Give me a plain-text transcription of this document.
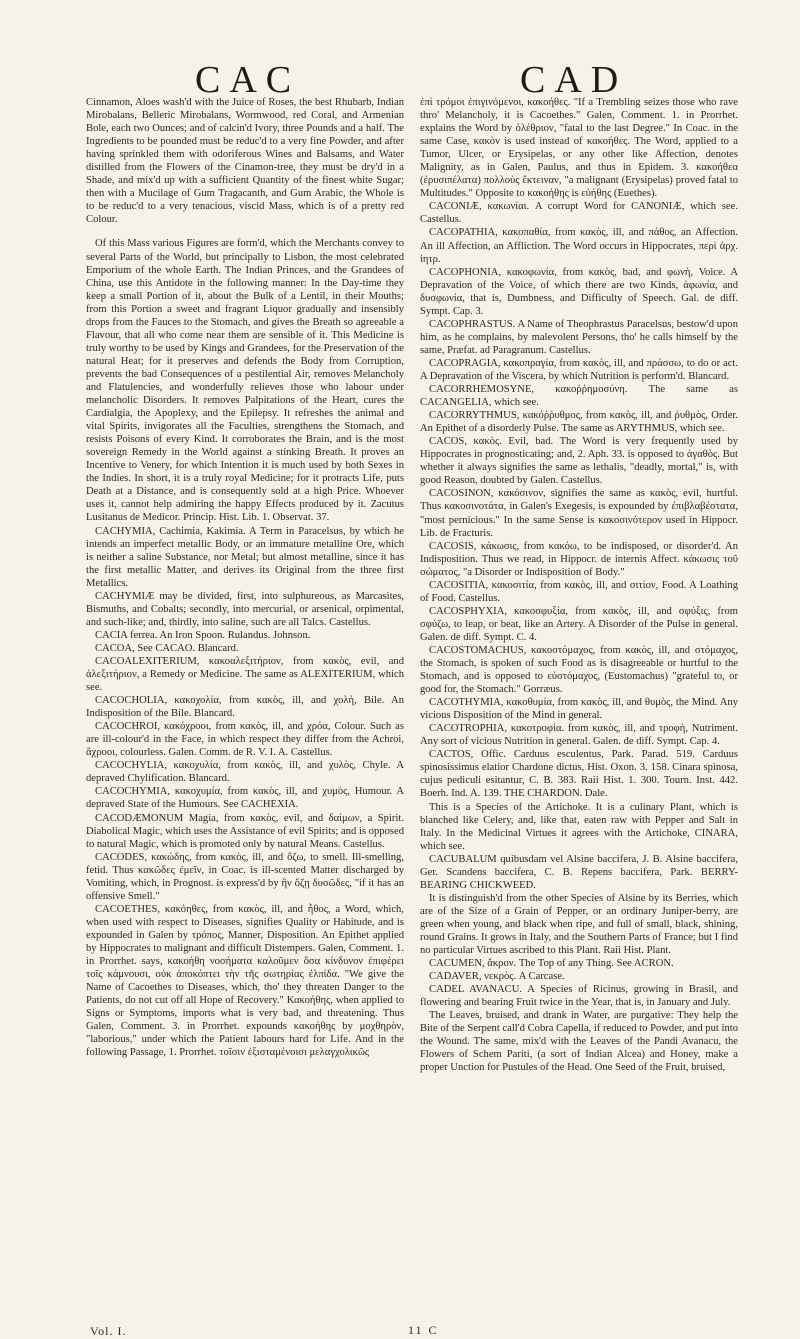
CAC	CAD

Cinnamon, Aloes wash'd with the Juice of Roses, the best Rhubarb, Indian Mirobalans, Belleric Mirobalans, Wormwood, red Coral, and Armenian Bole, each two Ounces; and of calcin'd Ivory, three Pounds and a half. The Ingredients to be pounded must be reduc'd to a very fine Powder, and after having sprinkled them with odoriferous Wines and Balsams, and Water distilled from the Flowers of the Cinamon-tree, they must be dry'd in a Shade, and mix'd up with a sufficient Quantity of the finest white Sugar; then with a Mucilage of Gum Tragacanth, and Gum Arabic, the Whole is to be reduc'd to a very tenacious, viscid Mass, which is of a pretty red Colour.

Of this Mass various Figures are form'd, which the Merchants convey to several Parts of the World, but principally to Lisbon, the most celebrated Emporium of the whole Earth. The Indian Princes, and the Grandees of China, use this Antidote in the following manner: In the Day-time they keep a small Portion of it, about the Bulk of a Lentil, in their Mouths; from this Portion a sweet and fragrant Liquor gradually and insensibly drops from the Fauces to the Stomach, and gives the Breath so agreeable a Flavour, that all who come near them are sensible of it. This Medicine is truly worthy to be used by Kings and Grandees, for the Preservation of the natural Heat; for it preserves and defends the Body from Corruption, prevents the bad Consequences of a pestilential Air, removes Melancholy and Flatulencies, and wonderfully relieves those who labour under melancholic Disorders. It removes Palpitations of the Heart, cures the Cardialgia, the Apoplexy, and the Epilepsy. It refreshes the animal and vital Spirits, invigorates all the Faculties, strengthens the Stomach, and resists Poisons of every Kind. It corroborates the Brain, and is the most sovereign Remedy in the World against a stinking Breath. It proves an Incentive to Venery, for which Intention it is much used by both Sexes in the Indies. In short, it is a truly royal Medicine; for it protracts Life, puts Death at a Distance, and is consequently sold at a high Price. Whoever uses it, cannot help admiring the happy Effects produced by it. Zacutus Lusitanus de Medicor. Princip. Hist. Lib. 1. Observat. 37.

CACHYMIA, Cachimia, Kakimia. A Term in Paracelsus, by which he intends an imperfect metallic Body, or an immature metalline Ore, which is neither a saline Substance, nor Metal; but almost metalline, since it has the first metallic Matter, and derives its Original from the three first Metallics.

CACHYMIÆ may be divided, first, into sulphureous, as Marcasites, Bismuths, and Cobalts; secondly, into mercurial, or arsenical, orpimental, and such-like; and, thirdly, into saline, such are all Talcs. Castellus.

CACIA ferrea. An Iron Spoon. Rulandus. Johnson.

CACOA, See CACAO. Blancard.

CACOALEXITERIUM, κακοαλεξιτήριον, from κακὸς, evil, and ἀλεξιτήριον, a Remedy or Medicine. The same as ALEXITERIUM, which see.

CACOCHOLIA, κακοχολία, from κακὸς, ill, and χολὴ, Bile. An Indisposition of the Bile. Blancard.

CACOCHROI, κακόχροοι, from κακὸς, ill, and χρόα, Colour. Such as are ill-colour'd in the Face, in which respect they differ from the Achroi, ἄχροοι, colourless. Galen. Comm. de R. V. I. A. Castellus.

CACOCHYLIA, κακοχυλία, from κακὸς, ill, and χυλὸς, Chyle. A depraved Chylification. Blancard.

CACOCHYMIA, κακοχυμία, from κακὸς, ill, and χυμὸς, Humour. A depraved State of the Humours. See CACHEXIA.

CACODÆMONUM Magia, from κακὸς, evil, and δαίμων, a Spirit. Diabolical Magic, which uses the Assistance of evil Spirits; and is opposed to natural Magic, which is promoted only by natural Means. Castellus.

CACODES, κακώδης, from κακὸς, ill, and ὄζω, to smell. Ill-smelling, fetid. Thus κακῶδες ἐμεῖν, in Coac. is ill-scented Matter discharged by Vomiting, which, in Prognost. is express'd by ἢν ὄζῃ δυσῶδες, "if it has an offensive Smell."

CACOETHES, κακόηθες, from κακὸς, ill, and ἦθος, a Word, which, when used with respect to Diseases, signifies Quality or Habitude, and is expounded in Galen by τρόπος, Manner, Disposition. An Epithet applied by Hippocrates to malignant and difficult Distempers. Galen, Comment. 1. in Prorrhet. says, κακοήθη νοσήματα καλοῦμεν ὅσα κίνδυνον ἐπιφέρει τοῖς κάμνουσι, οὐκ ἀποκόπτει τὴν τῆς σωτηρίας ἐλπίδα. "We give the Name of Cacoethes to Diseases, which, tho' they threaten Danger to the Patients, do not cut off all Hope of Recovery." Κακοήθης, when applied to Signs or Symptoms, imports what is very bad, and threatening. Thus Galen, Comment. 3. in Prorrhet. expounds κακοήθης by μοχθηρὸν, "laborious," under which the Patient labours hard for Life. And in the following Passage, 1. Prorrhet. τοῖσιν ἐξισταμένοισι μελαγχολικῶς

ἐπὶ τρόμοι ἐπιγινόμενοι, κακοήθες. "If a Trembling seizes those who rave thro' Melancholy, it is Cacoethes." Galen, Comment. 1. in Prorrhet. explains the Word by ὀλέθριον, "fatal to the last Degree." In Coac. in the same Case, κακὸν is used instead of κακοήθες. The Word, applied to a Tumor, Ulcer, or Erysipelas, or any other like Affection, denotes Malignity, as in Galen, Paulus, and thus in Epidem. 3. κακοήθεα (ἐρυσιπέλατα) πολλοὺς ἔκτειναν, "a malignant (Erysipelas) proved fatal to Multitudes." Opposite to κακοήθης is εὐήθης (Euethes).

CACONIÆ, κακωνίαι. A corrupt Word for CANONIÆ, which see. Castellus.

CACOPATHIA, κακοπαθία, from κακὸς, ill, and πάθος, an Affection. An ill Affection, an Affliction. The Word occurs in Hippocrates, περὶ ἀρχ. ἰητρ.

CACOPHONIA, κακοφωνία, from κακὸς, bad, and φωνὴ, Voice. A Depravation of the Voice, of which there are two Kinds, ἀφωνία, and δυσφωνία, that is, Dumbness, and Difficulty of Speech. Gal. de diff. Sympt. Cap. 3.

CACOPHRASTUS. A Name of Theophrastus Paracelsus, bestow'd upon him, as he complains, by malevolent Persons, tho' he calls himself by the same, Præfat. ad Paragranum. Castellus.

CACOPRAGIA, κακοπραγία, from κακὸς, ill, and πράσσω, to do or act. A Depravation of the Viscera, by which Nutrition is perform'd. Blancard.

CACORRHEMOSYNE, κακοῤῥημοσύνη. The same as CACANGELIA, which see.

CACORRYTHMUS, κακόῤῥυθμος, from κακὸς, ill, and ῥυθμὸς, Order. An Epithet of a disorderly Pulse. The same as ARYTHMUS, which see.

CACOS, κακὸς. Evil, bad. The Word is very frequently used by Hippocrates in prognosticating; and, 2. Aph. 33. is opposed to ἀγαθὸς. But whether it always signifies the same as lethalis, "deadly, mortal," is, with good Reason, doubted by Galen. Castellus.

CACOSINON, κακόσινον, signifies the same as κακὸς, evil, hurtful. Thus κακοσινοτάτα, in Galen's Exegesis, is expounded by ἐπιβλαβέστατα, "most pernicious." In the same Sense is κακοσινότερον used in Hippocr. Lib. de Fracturis.

CACOSIS, κάκωσις, from κακόω, to be indisposed, or disorder'd. An Indisposition. Thus we read, in Hippocr. de internis Affect. κάκωσις τοῦ σώματος, "a Disorder or Indisposition of Body."

CACOSITIA, κακοσιτία, from κακὸς, ill, and σιτίον, Food. A Loathing of Food. Castellus.

CACOSPHYXIA, κακοσφυξία, from κακὸς, ill, and σφύξις, from σφύζω, to leap, or beat, like an Artery. A Disorder of the Pulse in general. Galen. de diff. Sympt. C. 4.

CACOSTOMACHUS, κακοστόμαχος, from κακὸς, ill, and στόμαχος, the Stomach, is spoken of such Food as is disagreeable or hurtful to the Stomach, and is opposed to εὐστόμαχος, (Eustomachus) "grateful to, or good for, the Stomach." Gorræus.

CACOTHYMIA, κακοθυμία, from κακὸς, ill, and θυμὸς, the Mind. Any vicious Disposition of the Mind in general.

CACOTROPHIA, κακοτροφία. from κακὸς, ill, and τροφὴ, Nutriment. Any sort of vicious Nutrition in general. Galen. de diff. Sympt. Cap. 4.

CACTOS, Offic. Carduus esculentus, Park. Parad. 519. Carduus spinosissimus elatior Chardone dictus, Hist. Oxon. 3. 158. Cinara spinosa, cujus pediculi esitantur, C. B. 383. Raii Hist. 1. 300. Tourn. Inst. 442. Boerh. Ind. A. 139. THE CHARDON. Dale.

This is a Species of the Artichoke. It is a culinary Plant, which is blanched like Celery, and, like that, eaten raw with Pepper and Salt in Italy. In the Medicinal Virtues it agrees with the Artichoke, CINARA, which see.

CACUBALUM quibusdam vel Alsine baccifera, J. B. Alsine baccifera, Ger. Scandens baccifera, C. B. Repens baccifera, Park. BERRY-BEARING CHICKWEED.

It is distinguish'd from the other Species of Alsine by its Berries, which are of the Size of a Grain of Pepper, or an ordinary Juniper-berry, are green when young, and black when ripe, and full of small, black, shining, round Grains. It grows in Italy, and the Southern Parts of France; but I find no particular Virtues ascribed to this Plant. Raii Hist. Plant.

CACUMEN, ἄκρον. The Top of any Thing. See ACRON.

CADAVER, νεκρὸς. A Carcase.

CADEL AVANACU. A Species of Ricinus, growing in Brasil, and flowering and bearing Fruit twice in the Year, that is, in January and July.

The Leaves, bruised, and drank in Water, are purgative: They help the Bite of the Serpent call'd Cobra Capella, if reduced to Powder, and put into the Wound. The same, mix'd with the Leaves of the Pandi Avanacu, the Flowers of Schem Pariti, (a sort of Indian Alcea) and Honey, make a proper Unction for Pustules of the Head. One Seed of the Fruit, bruised,

Vol. I.	11 C
